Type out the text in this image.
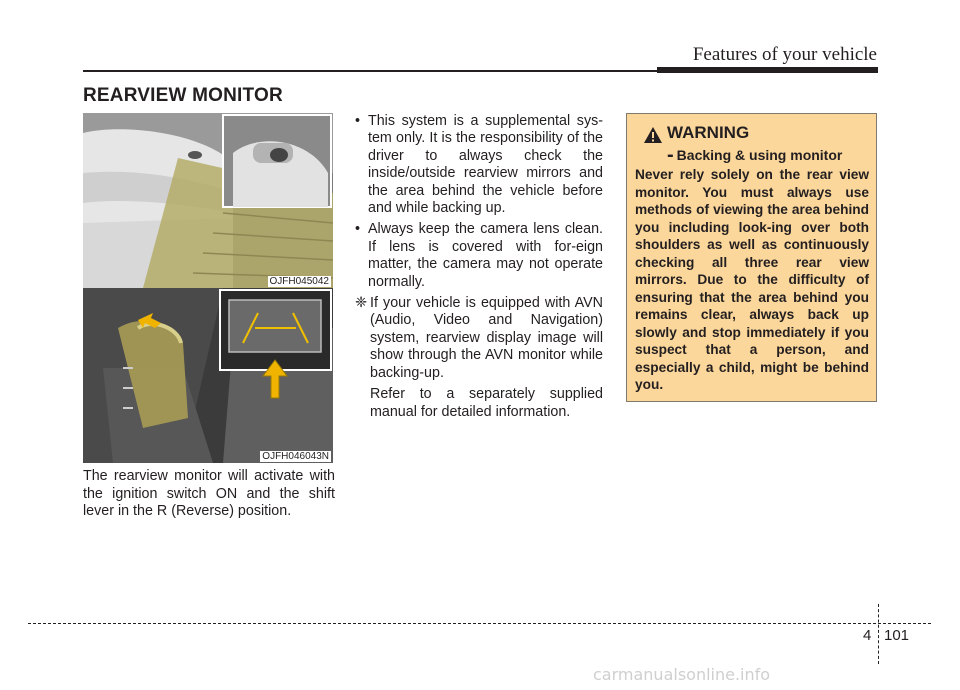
Features of your vehicle
REARVIEW MONITOR
OJFH045042
OJFH046043N
The rearview monitor will activate with the ignition switch ON and the shift lever in the R (Reverse) position.
• This system is a supplemental sys-tem only. It is the responsibility of the driver to always check the inside/outside rearview mirrors and the area behind the vehicle before and while backing up.
• Always keep the camera lens clean. If lens is covered with for-eign matter, the camera may not operate normally.
❈ If your vehicle is equipped with AVN (Audio, Video and Navigation) system, rearview display image will show through the AVN monitor while backing-up.
Refer to a separately supplied manual for detailed information.
WARNING
- Backing & using monitor
Never rely solely on the rear view monitor. You must always use methods of viewing the area behind you including look-ing over both shoulders as well as continuously checking all three rear view mirrors. Due to the difficulty of ensuring that the area behind you remains clear, always back up slowly and stop immediately if you suspect that a person, and especially a child, might be behind you.
4 101
carmanualsonline.info
